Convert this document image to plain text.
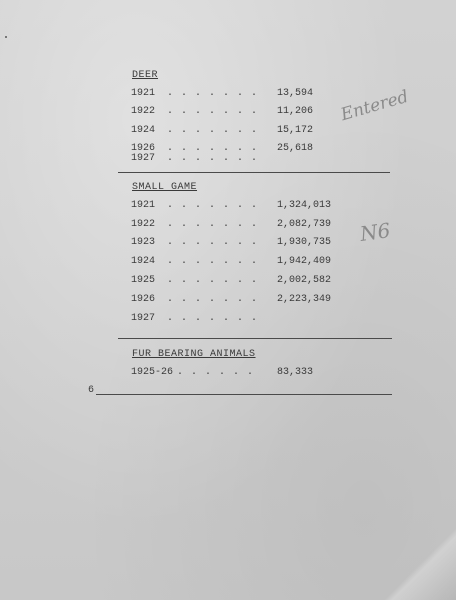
DEER
1921 . . . . . . . 13,594
1922 . . . . . . . 11,206
1924 . . . . . . . 15,172
1926 . . . . . . . 25,618
1927 . . . . . . .
SMALL GAME
1921 . . . . . . . 1,324,013
1922 . . . . . . . 2,082,739
1923 . . . . . . . 1,930,735
1924 . . . . . . . 1,942,409
1925 . . . . . . . 2,002,582
1926 . . . . . . . 2,223,349
1927 . . . . . . .
FUR BEARING ANIMALS
1925-26 . . . . . . 83,333
6
Entered
N6
